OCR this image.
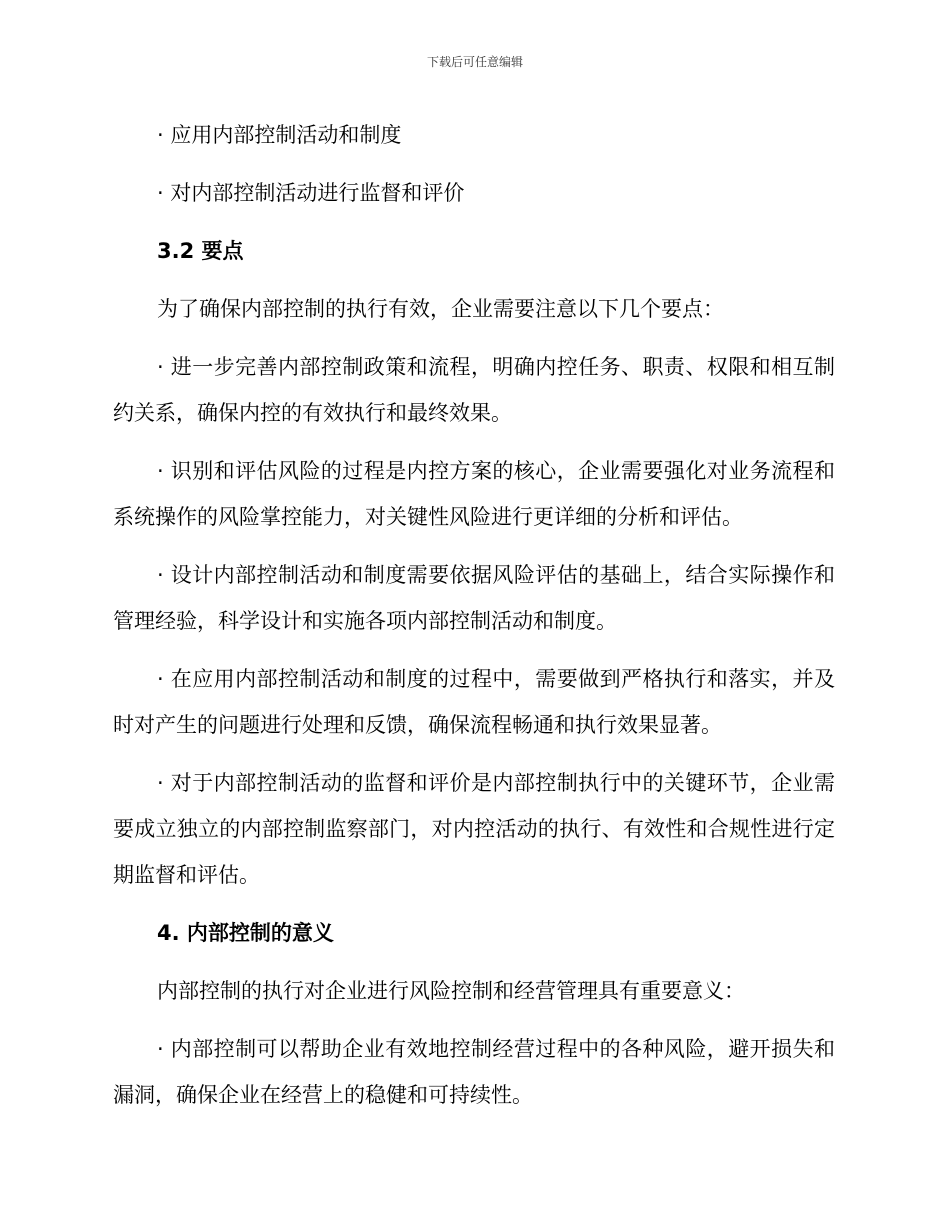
下载后可任意编辑

· 应用内部控制活动和制度

· 对内部控制活动进行监督和评价

3.2 要点

为了确保内部控制的执行有效，企业需要注意以下几个要点：

· 进一步完善内部控制政策和流程，明确内控任务、职责、权限和相互制约关系，确保内控的有效执行和最终效果。

· 识别和评估风险的过程是内控方案的核心，企业需要强化对业务流程和系统操作的风险掌控能力，对关键性风险进行更详细的分析和评估。

· 设计内部控制活动和制度需要依据风险评估的基础上，结合实际操作和管理经验，科学设计和实施各项内部控制活动和制度。

· 在应用内部控制活动和制度的过程中，需要做到严格执行和落实，并及时对产生的问题进行处理和反馈，确保流程畅通和执行效果显著。

· 对于内部控制活动的监督和评价是内部控制执行中的关键环节，企业需要成立独立的内部控制监察部门，对内控活动的执行、有效性和合规性进行定期监督和评估。

4. 内部控制的意义

内部控制的执行对企业进行风险控制和经营管理具有重要意义：

· 内部控制可以帮助企业有效地控制经营过程中的各种风险，避开损失和漏洞，确保企业在经营上的稳健和可持续性。
